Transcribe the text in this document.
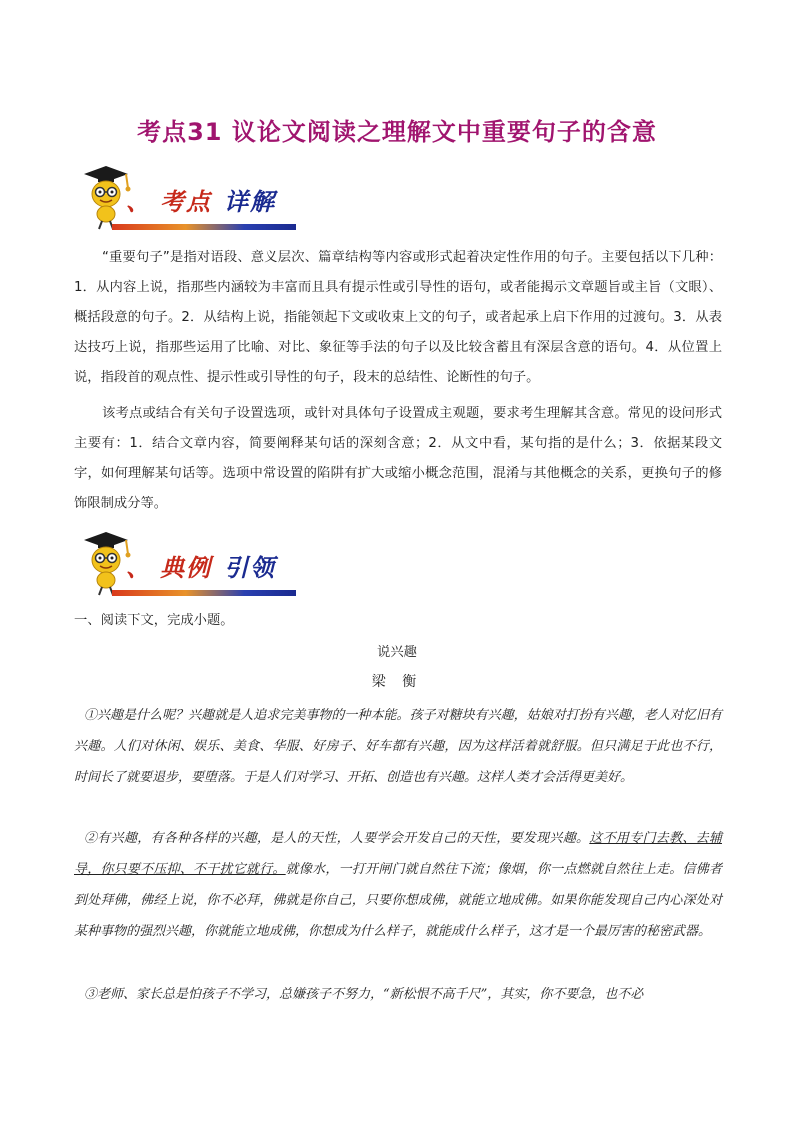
考点31 议论文阅读之理解文中重要句子的含意
、 考点 详解

“重要句子”是指对语段、意义层次、篇章结构等内容或形式起着决定性作用的句子。主要包括以下几种：1．从内容上说，指那些内涵较为丰富而且具有提示性或引导性的语句，或者能揭示文章题旨或主旨（文眼）、概括段意的句子。2．从结构上说，指能领起下文或收束上文的句子，或者起承上启下作用的过渡句。3．从表达技巧上说，指那些运用了比喻、对比、象征等手法的句子以及比较含蓄且有深层含意的语句。4．从位置上说，指段首的观点性、提示性或引导性的句子，段末的总结性、论断性的句子。

该考点或结合有关句子设置选项，或针对具体句子设置成主观题，要求考生理解其含意。常见的设问形式主要有：1．结合文章内容，简要阐释某句话的深刻含意；2．从文中看，某句指的是什么；3．依据某段文字，如何理解某句话等。选项中常设置的陷阱有扩大或缩小概念范围，混淆与其他概念的关系，更换句子的修饰限制成分等。

、 典例 引领

一、阅读下文，完成小题。

说兴趣
梁 衡

①兴趣是什么呢？兴趣就是人追求完美事物的一种本能。孩子对糖块有兴趣，姑娘对打扮有兴趣，老人对忆旧有兴趣。人们对休闲、娱乐、美食、华服、好房子、好车都有兴趣，因为这样活着就舒服。但只满足于此也不行，时间长了就要退步，要堕落。于是人们对学习、开拓、创造也有兴趣。这样人类才会活得更美好。

②有兴趣，有各种各样的兴趣，是人的天性，人要学会开发自己的天性，要发现兴趣。这不用专门去教、去辅导，你只要不压抑、不干扰它就行。就像水，一打开闸门就自然往下流；像烟，你一点燃就自然往上走。信佛者到处拜佛，佛经上说，你不必拜，佛就是你自己，只要你想成佛，就能立地成佛。如果你能发现自己内心深处对某种事物的强烈兴趣，你就能立地成佛，你想成为什么样子，就能成什么样子，这才是一个最厉害的秘密武器。

③老师、家长总是怕孩子不学习，总嫌孩子不努力，“新松恨不高千尺”，其实，你不要急，也不必
